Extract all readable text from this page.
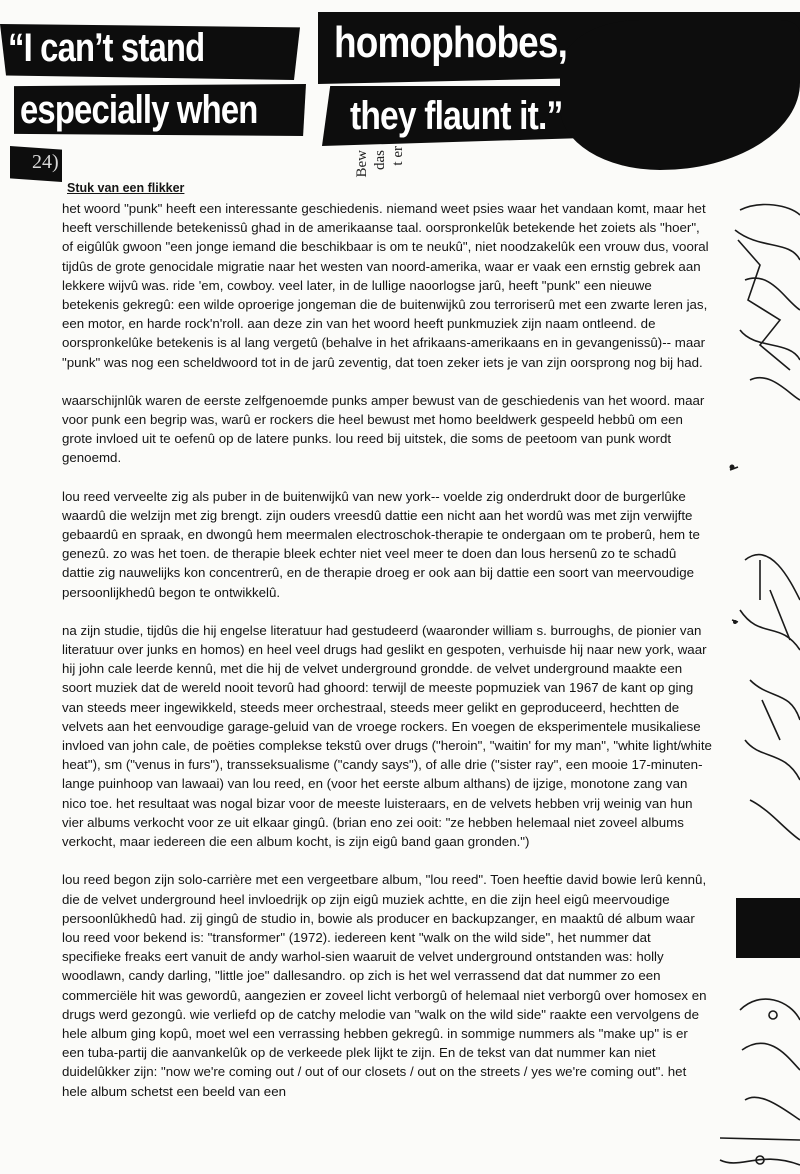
“I can’t stand
especially when
homophobes,
they flaunt it.”
24)	t er
das
Bew
Stuk van een flikker

het woord "punk" heeft een interessante geschiedenis. niemand weet psies waar het vandaan komt, maar het heeft verschillende betekenissû ghad in de amerikaanse taal. oorspronkelûk betekende het zoiets als "hoer", of eigûlûk gwoon "een jonge iemand die beschikbaar is om te neukû", niet noodzakelûk een vrouw dus, vooral tijdûs de grote genocidale migratie naar het westen van noord-amerika, waar er vaak een ernstig gebrek aan lekkere wijvû was. ride 'em, cowboy. veel later, in de lullige naoorlogse jarû, heeft "punk" een nieuwe betekenis gekregû: een wilde oproerige jongeman die de buitenwijkû zou terroriserû met een zwarte leren jas, een motor, en harde rock'n'roll. aan deze zin van het woord heeft punkmuziek zijn naam ontleend. de oorspronkelûke betekenis is al lang vergetû (behalve in het afrikaans-amerikaans en in gevangenissû)-- maar "punk" was nog een scheldwoord tot in de jarû zeventig, dat toen zeker iets je van zijn oorsprong nog bij had.

waarschijnlûk waren de eerste zelfgenoemde punks amper bewust van de geschiedenis van het woord. maar voor punk een begrip was, warû er rockers die heel bewust met homo beeldwerk gespeeld hebbû om een grote invloed uit te oefenû op de latere punks. lou reed bij uitstek, die soms de peetoom van punk wordt genoemd.

lou reed verveelte zig als puber in de buitenwijkû van new york-- voelde zig onderdrukt door de burgerlûke waardû die welzijn met zig brengt. zijn ouders vreesdû dattie een nicht aan het wordû was met zijn verwijfte gebaardû en spraak, en dwongû hem meermalen electroschok-therapie te ondergaan om te proberû, hem te genezû. zo was het toen. de therapie bleek echter niet veel meer te doen dan lous hersenû zo te schadû dattie zig nauwelijks kon concentrerû, en de therapie droeg er ook aan bij dattie een soort van meervoudige persoonlijkhedû begon te ontwikkelû.

na zijn studie, tijdûs die hij engelse literatuur had gestudeerd (waaronder william s. burroughs, de pionier van literatuur over junks en homos) en heel veel drugs had geslikt en gespoten, verhuisde hij naar new york, waar hij john cale leerde kennû, met die hij de velvet underground grondde. de velvet underground maakte een soort muziek dat de wereld nooit tevorû had ghoord: terwijl de meeste popmuziek van 1967 de kant op ging van steeds meer ingewikkeld, steeds meer orchestraal, steeds meer gelikt en geproduceerd, hechtten de velvets aan het eenvoudige garage-geluid van de vroege rockers. En voegen de eksperimentele musikaliese invloed van john cale, de poëties complekse tekstû over drugs ("heroin", "waitin' for my man", "white light/white heat"), sm ("venus in furs"), transseksualisme ("candy says"), of alle drie ("sister ray", een mooie 17-minuten-lange puinhoop van lawaai) van lou reed, en (voor het eerste album althans) de ijzige, monotone zang van nico toe. het resultaat was nogal bizar voor de meeste luisteraars, en de velvets hebben vrij weinig van hun vier albums verkocht voor ze uit elkaar gingû. (brian eno zei ooit: "ze hebben helemaal niet zoveel albums verkocht, maar iedereen die een album kocht, is zijn eigû band gaan gronden.")

lou reed begon zijn solo-carrière met een vergeetbare album, "lou reed". Toen heeftie david bowie lerû kennû, die de velvet underground heel invloedrijk op zijn eigû muziek achtte, en die zijn heel eigû meervoudige persoonlûkhedû had. zij gingû de studio in, bowie als producer en backupzanger, en maaktû dé album waar lou reed voor bekend is: "transformer" (1972). iedereen kent "walk on the wild side", het nummer dat specifieke freaks eert vanuit de andy warhol-sien waaruit de velvet underground ontstanden was: holly woodlawn, candy darling, "little joe" dallesandro. op zich is het wel verrassend dat dat nummer zo een commerciële hit was gewordû, aangezien er zoveel licht verborgû of helemaal niet verborgû over homosex en drugs werd gezongû. wie verliefd op de catchy melodie van "walk on the wild side" raakte een vervolgens de hele album ging kopû, moet wel een verrassing hebben gekregû. in sommige nummers als "make up" is er een tuba-partij die aanvankelûk op de verkeede plek lijkt te zijn. En de tekst van dat nummer kan niet duidelûkker zijn: "now we're coming out / out of our closets / out on the streets / yes we're coming out". het hele album schetst een beeld van een
